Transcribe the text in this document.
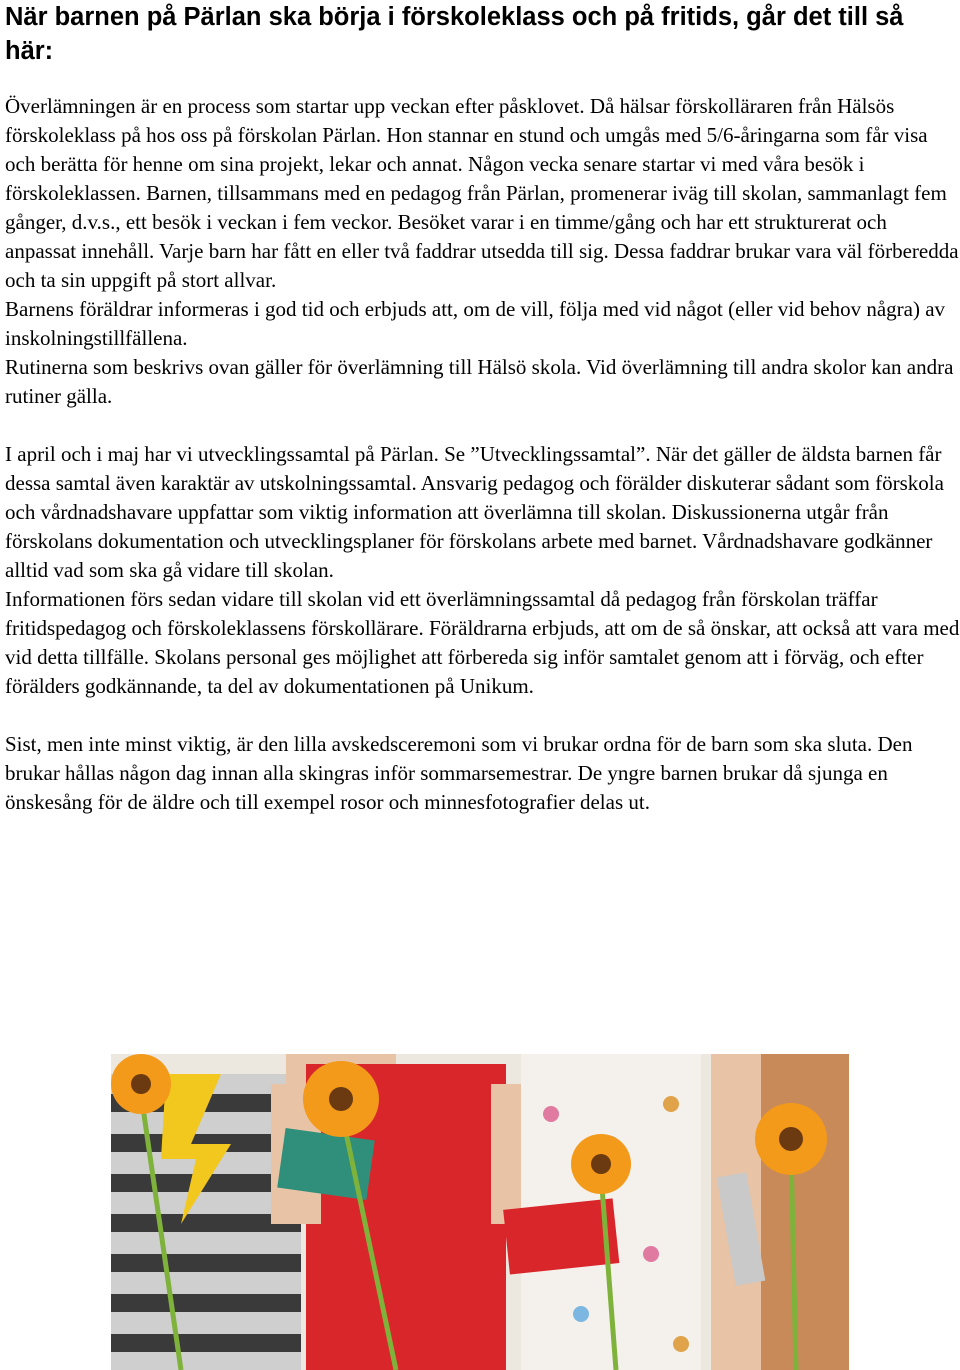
När barnen på Pärlan ska börja i förskoleklass och på fritids, går det till så här:

Överlämningen är en process som startar upp veckan efter påsklovet. Då hälsar förskolläraren från Hälsös förskoleklass på hos oss på förskolan Pärlan. Hon stannar en stund och umgås med 5/6-åringarna som får visa och berätta för henne om sina projekt, lekar och annat. Någon vecka senare startar vi med våra besök i förskoleklassen. Barnen, tillsammans med en pedagog från Pärlan, promenerar iväg till skolan, sammanlagt fem gånger, d.v.s., ett besök i veckan i fem veckor. Besöket varar i en timme/gång och har ett strukturerat och anpassat innehåll. Varje barn har fått en eller två faddrar utsedda till sig. Dessa faddrar brukar vara väl förberedda och ta sin uppgift på stort allvar.

Barnens föräldrar informeras i god tid och erbjuds att, om de vill, följa med vid något (eller vid behov några) av inskolningstillfällena.

Rutinerna som beskrivs ovan gäller för överlämning till Hälsö skola. Vid överlämning till andra skolor kan andra rutiner gälla.

I april och i maj har vi utvecklingssamtal på Pärlan. Se ”Utvecklingssamtal”. När det gäller de äldsta barnen får dessa samtal även karaktär av utskolningssamtal. Ansvarig pedagog och förälder diskuterar sådant som förskola och vårdnadshavare uppfattar som viktig information att överlämna till skolan. Diskussionerna utgår från förskolans dokumentation och utvecklingsplaner för förskolans arbete med barnet. Vårdnadshavare godkänner alltid vad som ska gå vidare till skolan.

Informationen förs sedan vidare till skolan vid ett överlämningssamtal då pedagog från förskolan träffar fritidspedagog och förskoleklassens förskollärare. Föräldrarna erbjuds, att om de så önskar, att också att vara med vid detta tillfälle. Skolans personal ges möjlighet att förbereda sig inför samtalet genom att i förväg, och efter förälders godkännande, ta del av dokumentationen på Unikum.

Sist, men inte minst viktig, är den lilla avskedsceremoni som vi brukar ordna för de barn som ska sluta. Den brukar hållas någon dag innan alla skingras inför sommarsemestrar. De yngre barnen brukar då sjunga en önskesång för de äldre och till exempel rosor och minnesfotografier delas ut.
